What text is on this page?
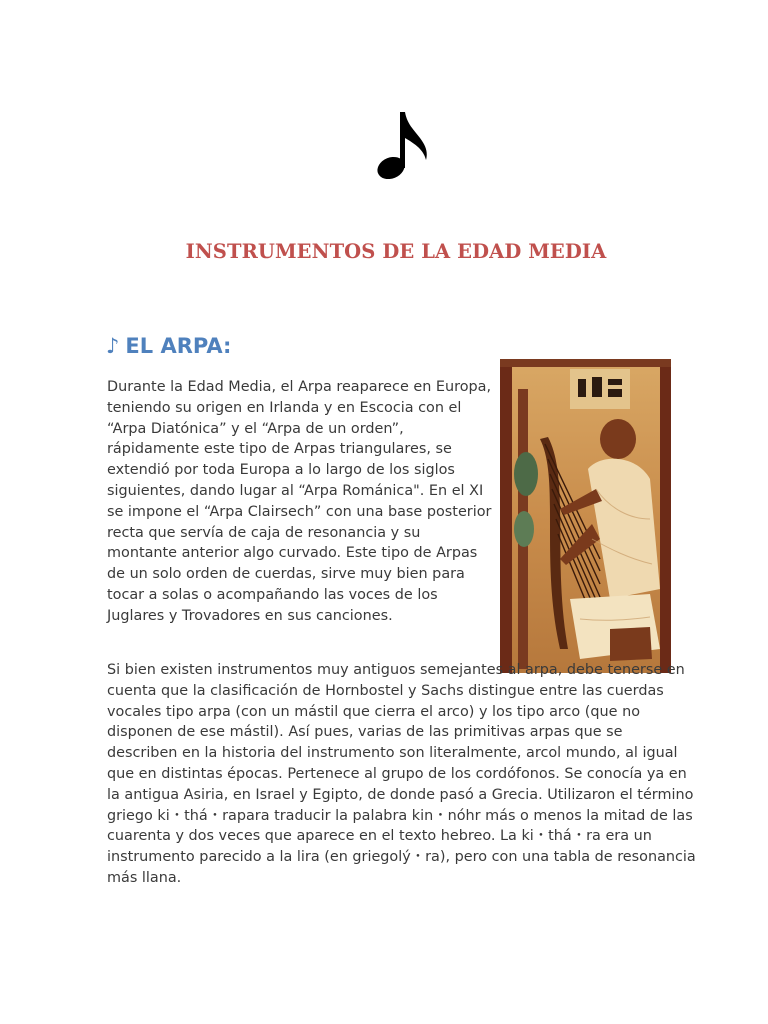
INSTRUMENTOS DE LA EDAD MEDIA
♪ EL ARPA:

Durante la Edad Media, el Arpa reaparece en Europa, teniendo su origen en Irlanda y en Escocia con el “Arpa Diatónica” y el “Arpa de un orden”, rápidamente este tipo de Arpas triangulares, se extendió por toda Europa a lo largo de los siglos siguientes, dando lugar al “Arpa Románica". En el XI se impone el “Arpa Clairsech” con una base posterior recta que servía de caja de resonancia y su montante anterior algo curvado. Este tipo de Arpas de un solo orden de cuerdas, sirve muy bien para tocar a solas o acompañando las voces de los Juglares y Trovadores en sus canciones.

Si bien existen instrumentos muy antiguos semejantes al arpa, debe tenerse en cuenta que la clasificación de Hornbostel y Sachs distingue entre las cuerdas vocales tipo arpa (con un mástil que cierra el arco) y los tipo arco (que no disponen de ese mástil). Así pues, varias de las primitivas arpas que se describen en la historia del instrumento son literalmente, arcol mundo, al igual que en distintas épocas. Pertenece al grupo de los cordófonos. Se conocía ya en la antigua Asiria, en Israel y Egipto, de donde pasó a Grecia. Utilizaron el término griego ki・thá・rapara traducir la palabra kin・nóhr más o menos la mitad de las cuarenta y dos veces que aparece en el texto hebreo. La ki・thá・ra era un instrumento parecido a la lira (en griegolý・ra), pero con una tabla de resonancia más llana.
